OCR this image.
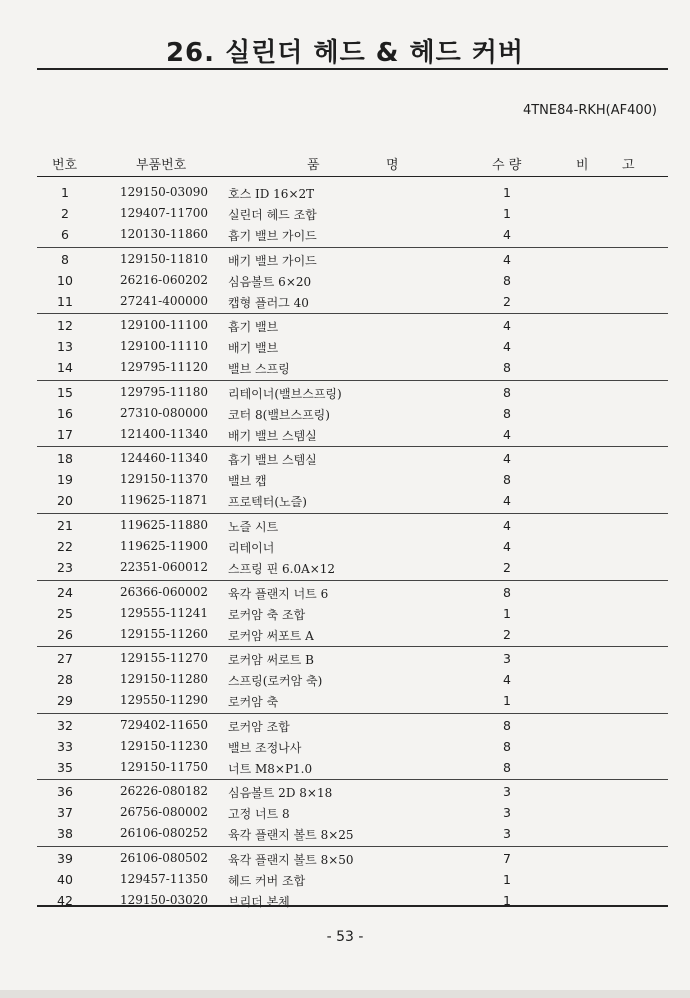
26. 실린더 헤드 & 헤드 커버
4TNE84-RKH(AF400)
번호	부품번호	품	명	수 량	비	고
1	129150-03090 호스 ID 16×2T	1
2	129407-11700 실린더 헤드 조합	1
6	120130-11860 흡기 밸브 가이드	4
8	129150-11810 배기 밸브 가이드	4
10	26216-060202 심음볼트 6×20	8
11	27241-400000 캡형 플러그 40	2
12	129100-11100 흡기 밸브	4
13	129100-11110 배기 밸브	4
14	129795-11120 밸브 스프링	8
15	129795-11180 리테이너(밸브스프링)	8
16	27310-080000 코터 8(밸브스프링)	8
17	121400-11340 배기 밸브 스템실	4
18	124460-11340 흡기 밸브 스템실	4
19	129150-11370 밸브 캡	8
20	119625-11871 프로텍터(노즐)	4
21	119625-11880 노즐 시트	4
22	119625-11900 리테이너	4
23	22351-060012 스프링 핀 6.0A×12	2
24	26366-060002 육각 플랜지 너트 6	8
25	129555-11241 로커암 축 조합	1
26	129155-11260 로커암 써포트 A	2
27	129155-11270 로커암 써로트 B	3
28	129150-11280 스프링(로커암 축)	4
29	129550-11290 로커암 축	1
32	729402-11650 로커암 조합	8
33	129150-11230 밸브 조정나사	8
35	129150-11750 너트 M8×P1.0	8
36	26226-080182 심음볼트 2D 8×18	3
37	26756-080002 고정 너트 8	3
38	26106-080252 육각 플랜지 볼트 8×25	3
39	26106-080502 육각 플랜지 볼트 8×50	7
40	129457-11350 헤드 커버 조합	1
42	129150-03020 브리더 본체	1
- 53 -
